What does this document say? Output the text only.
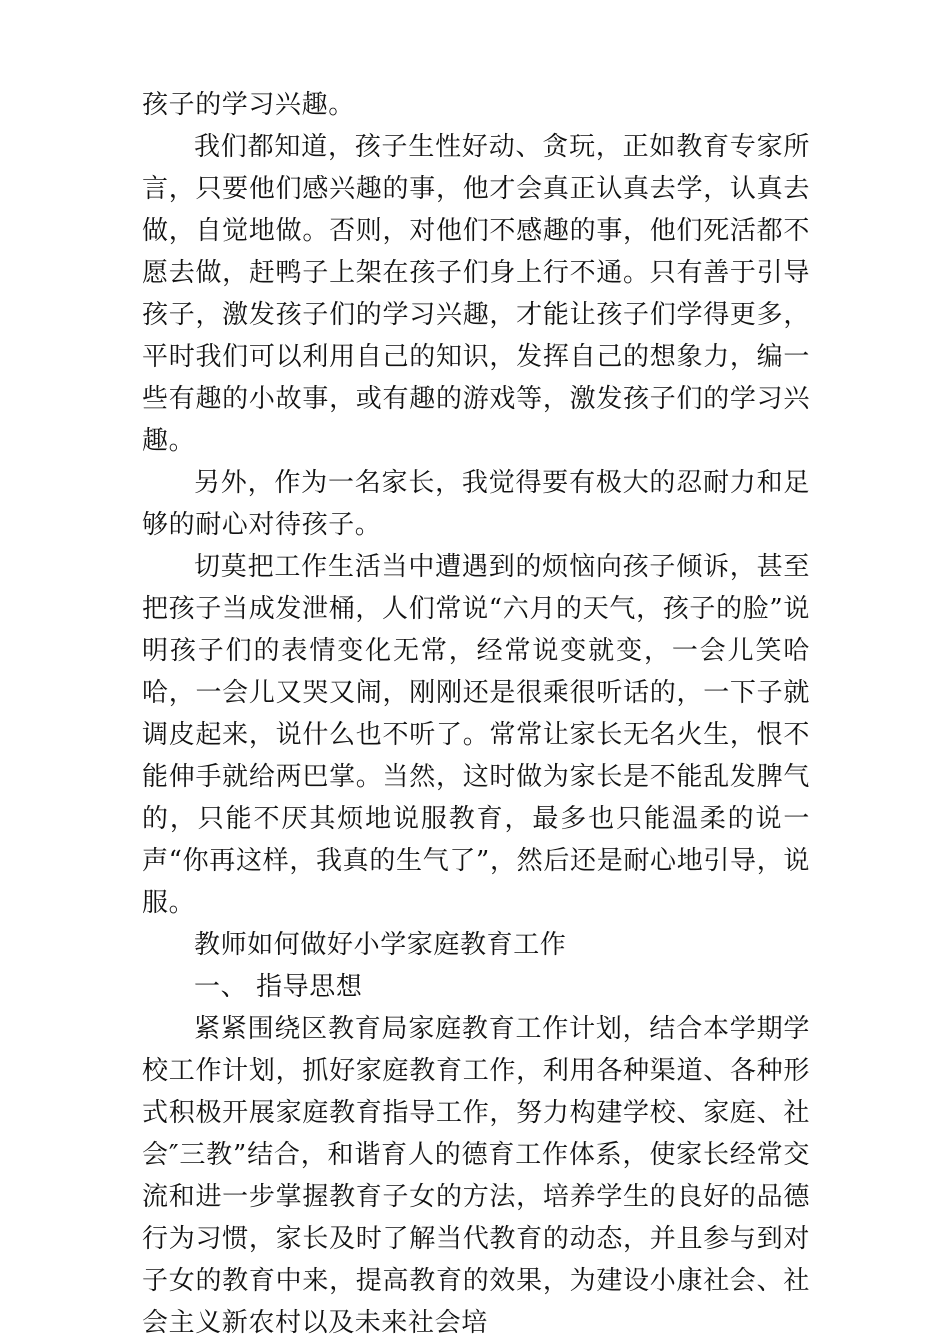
孩子的学习兴趣。

我们都知道，孩子生性好动、贪玩，正如教育专家所言，只要他们感兴趣的事，他才会真正认真去学，认真去做，自觉地做。否则，对他们不感趣的事，他们死活都不愿去做，赶鸭子上架在孩子们身上行不通。只有善于引导孩子，激发孩子们的学习兴趣，才能让孩子们学得更多，平时我们可以利用自己的知识，发挥自己的想象力，编一些有趣的小故事，或有趣的游戏等，激发孩子们的学习兴趣。

另外，作为一名家长，我觉得要有极大的忍耐力和足够的耐心对待孩子。

切莫把工作生活当中遭遇到的烦恼向孩子倾诉，甚至把孩子当成发泄桶，人们常说“六月的天气，孩子的脸”说明孩子们的表情变化无常，经常说变就变，一会儿笑哈哈，一会儿又哭又闹，刚刚还是很乘很听话的，一下子就调皮起来，说什么也不听了。常常让家长无名火生，恨不能伸手就给两巴掌。当然，这时做为家长是不能乱发脾气的，只能不厌其烦地说服教育，最多也只能温柔的说一声“你再这样，我真的生气了”，然后还是耐心地引导，说服。

教师如何做好小学家庭教育工作

一、 指导思想

紧紧围绕区教育局家庭教育工作计划，结合本学期学校工作计划，抓好家庭教育工作，利用各种渠道、各种形式积极开展家庭教育指导工作，努力构建学校、家庭、社会″三教”结合，和谐育人的德育工作体系，使家长经常交流和进一步掌握教育子女的方法，培养学生的良好的品德行为习惯，家长及时了解当代教育的动态，并且参与到对子女的教育中来，提高教育的效果，为建设小康社会、社会主义新农村以及未来社会培
